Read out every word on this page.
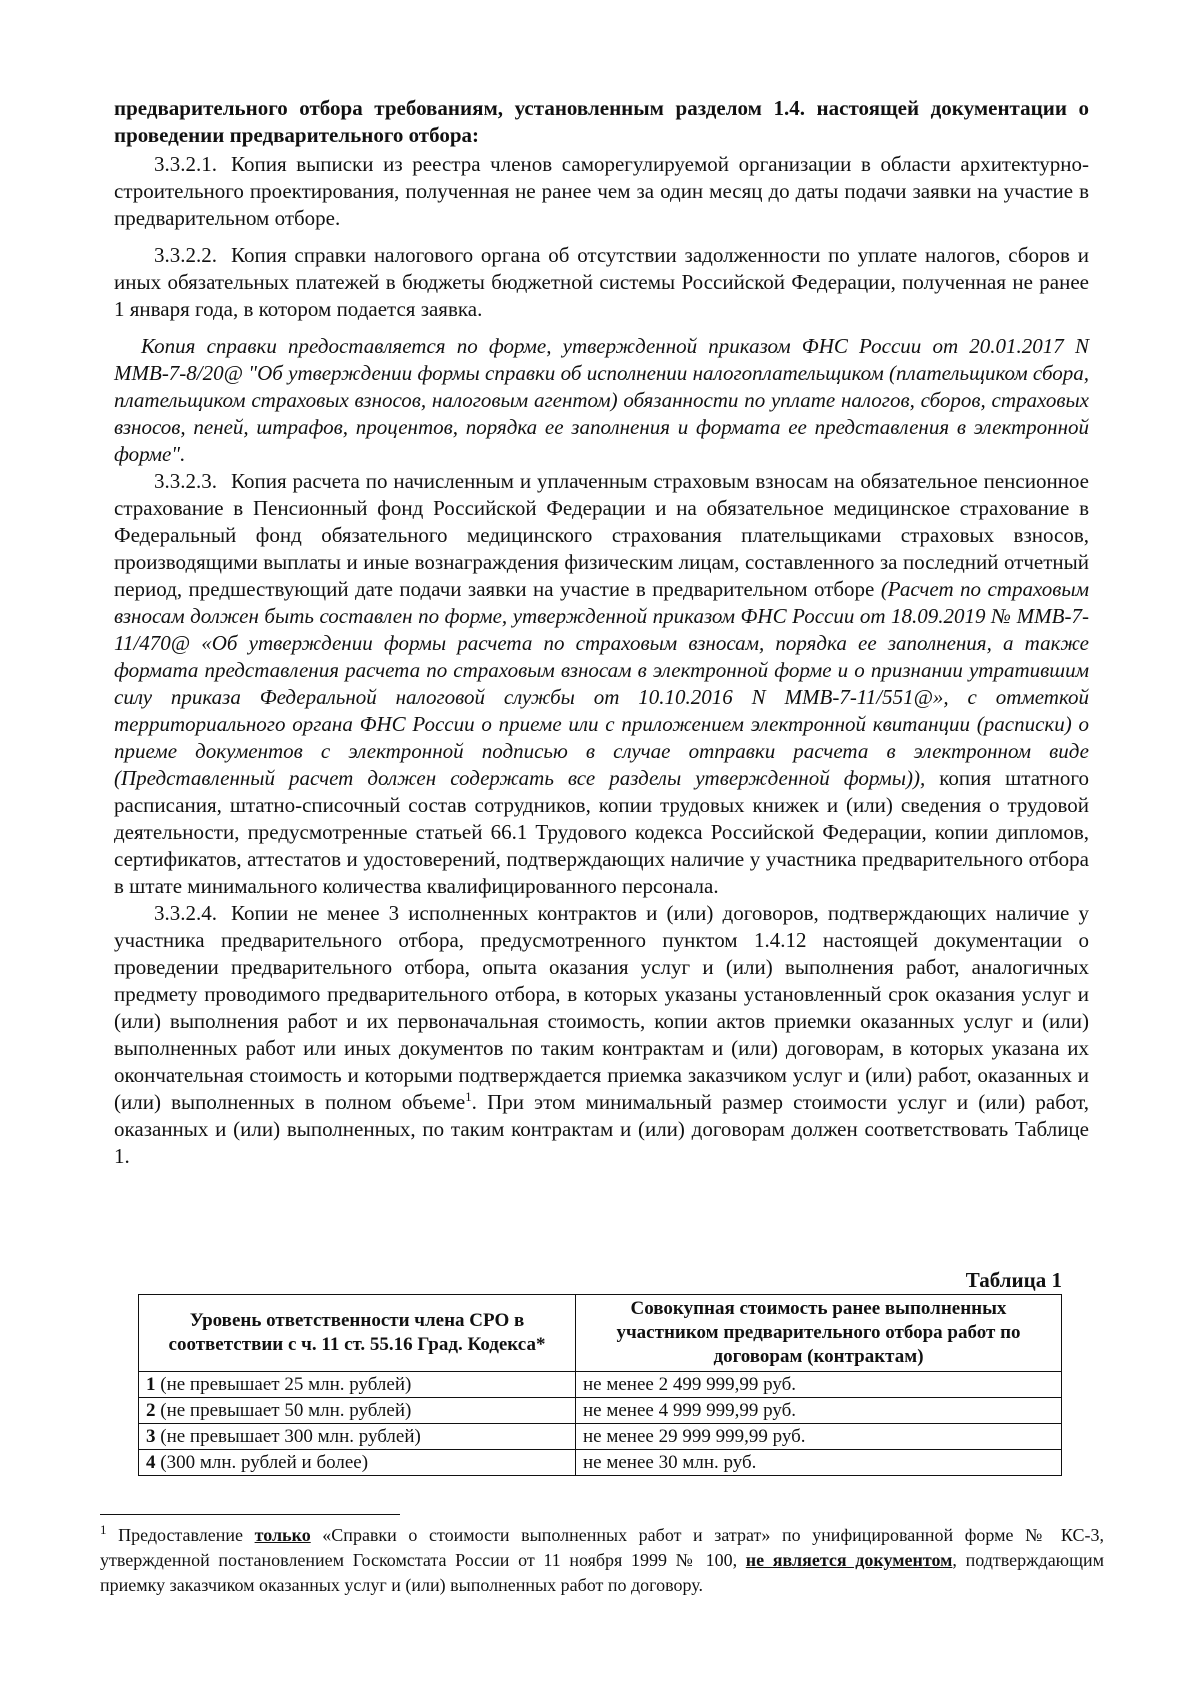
предварительного отбора требованиям, установленным разделом 1.4. настоящей документации о проведении предварительного отбора:

3.3.2.1. Копия выписки из реестра членов саморегулируемой организации в области архитектурно-строительного проектирования, полученная не ранее чем за один месяц до даты подачи заявки на участие в предварительном отборе.

3.3.2.2. Копия справки налогового органа об отсутствии задолженности по уплате налогов, сборов и иных обязательных платежей в бюджеты бюджетной системы Российской Федерации, полученная не ранее 1 января года, в котором подается заявка.

Копия справки предоставляется по форме, утвержденной приказом ФНС России от 20.01.2017 N ММВ-7-8/20@ "Об утверждении формы справки об исполнении налогоплательщиком (плательщиком сбора, плательщиком страховых взносов, налоговым агентом) обязанности по уплате налогов, сборов, страховых взносов, пеней, штрафов, процентов, порядка ее заполнения и формата ее представления в электронной форме".

3.3.2.3. Копия расчета по начисленным и уплаченным страховым взносам на обязательное пенсионное страхование в Пенсионный фонд Российской Федерации и на обязательное медицинское страхование в Федеральный фонд обязательного медицинского страхования плательщиками страховых взносов, производящими выплаты и иные вознаграждения физическим лицам, составленного за последний отчетный период, предшествующий дате подачи заявки на участие в предварительном отборе (Расчет по страховым взносам должен быть составлен по форме, утвержденной приказом ФНС России от 18.09.2019 № ММВ-7-11/470@ «Об утверждении формы расчета по страховым взносам, порядка ее заполнения, а также формата представления расчета по страховым взносам в электронной форме и о признании утратившим силу приказа Федеральной налоговой службы от 10.10.2016 N ММВ-7-11/551@», с отметкой территориального органа ФНС России о приеме или с приложением электронной квитанции (расписки) о приеме документов с электронной подписью в случае отправки расчета в электронном виде (Представленный расчет должен содержать все разделы утвержденной формы)), копия штатного расписания, штатно-списочный состав сотрудников, копии трудовых книжек и (или) сведения о трудовой деятельности, предусмотренные статьей 66.1 Трудового кодекса Российской Федерации, копии дипломов, сертификатов, аттестатов и удостоверений, подтверждающих наличие у участника предварительного отбора в штате минимального количества квалифицированного персонала.

3.3.2.4. Копии не менее 3 исполненных контрактов и (или) договоров, подтверждающих наличие у участника предварительного отбора, предусмотренного пунктом 1.4.12 настоящей документации о проведении предварительного отбора, опыта оказания услуг и (или) выполнения работ, аналогичных предмету проводимого предварительного отбора, в которых указаны установленный срок оказания услуг и (или) выполнения работ и их первоначальная стоимость, копии актов приемки оказанных услуг и (или) выполненных работ или иных документов по таким контрактам и (или) договорам, в которых указана их окончательная стоимость и которыми подтверждается приемка заказчиком услуг и (или) работ, оказанных и (или) выполненных в полном объеме$^1$. При этом минимальный размер стоимости услуг и (или) работ, оказанных и (или) выполненных, по таким контрактам и (или) договорам должен соответствовать Таблице 1.

Таблица 1
Уровень ответственности члена СРО в соответствии с ч. 11 ст. 55.16 Град. Кодекса*	Совокупная стоимость ранее выполненных участником предварительного отбора работ по договорам (контрактам)
1 (не превышает 25 млн. рублей)	не менее 2 499 999,99 руб.
2 (не превышает 50 млн. рублей)	не менее 4 999 999,99 руб.
3 (не превышает 300 млн. рублей)	не менее 29 999 999,99 руб.
4 (300 млн. рублей и более)	не менее 30 млн. руб.
$^1$ Предоставление только «Справки о стоимости выполненных работ и затрат» по унифицированной форме № КС-3, утвержденной постановлением Госкомстата России от 11 ноября 1999 № 100, не является документом, подтверждающим приемку заказчиком оказанных услуг и (или) выполненных работ по договору.
